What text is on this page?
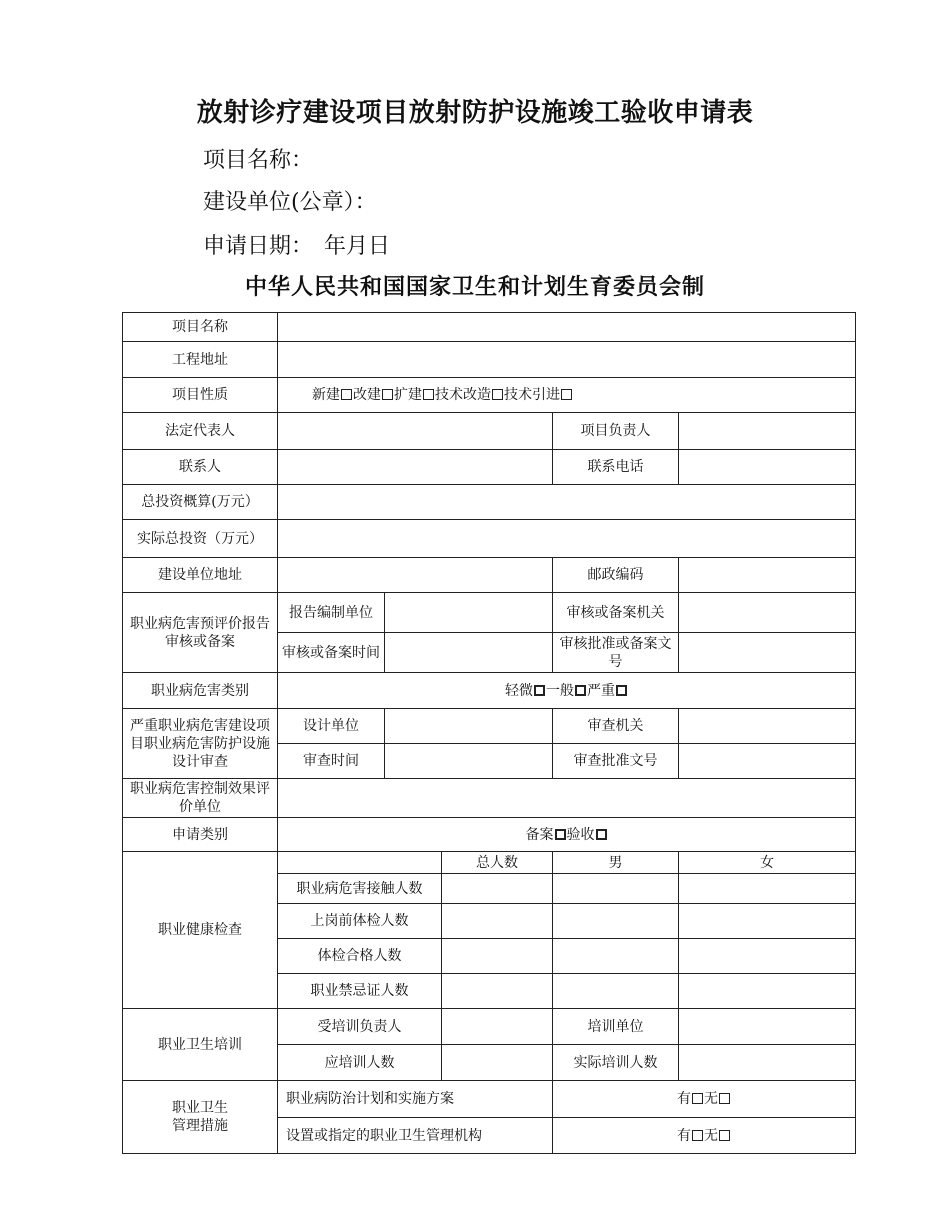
放射诊疗建设项目放射防护设施竣工验收申请表
项目名称：
建设单位(公章）：
申请日期：　年月日
中华人民共和国国家卫生和计划生育委员会制
项目名称					
工程地址					
项目性质	新建 改建 扩建 技术改造 技术引进				
法定代表人				项目负责人	
联系人				联系电话	
总投资概算(万元）					
实际总投资（万元）					
建设单位地址				邮政编码	
职业病危害预评价报告审核或备案	报告编制单位			审核或备案机关	
	审核或备案时间			审核批准或备案文号	
职业病危害类别	轻微 一般 严重				
严重职业病危害建设项目职业病危害防护设施设计审查	设计单位			审查机关	
	审查时间			审查批准文号	
职业病危害控制效果评价单位					
申请类别	备案 验收				
职业健康检查			总人数	男	女
	职业病危害接触人数				
	上岗前体检人数				
	体检合格人数				
	职业禁忌证人数				
职业卫生培训	受培训负责人			培训单位	
	应培训人数			实际培训人数	
职业卫生
管理措施	职业病防治计划和实施方案			有 无	
	设置或指定的职业卫生管理机构			有 无	
